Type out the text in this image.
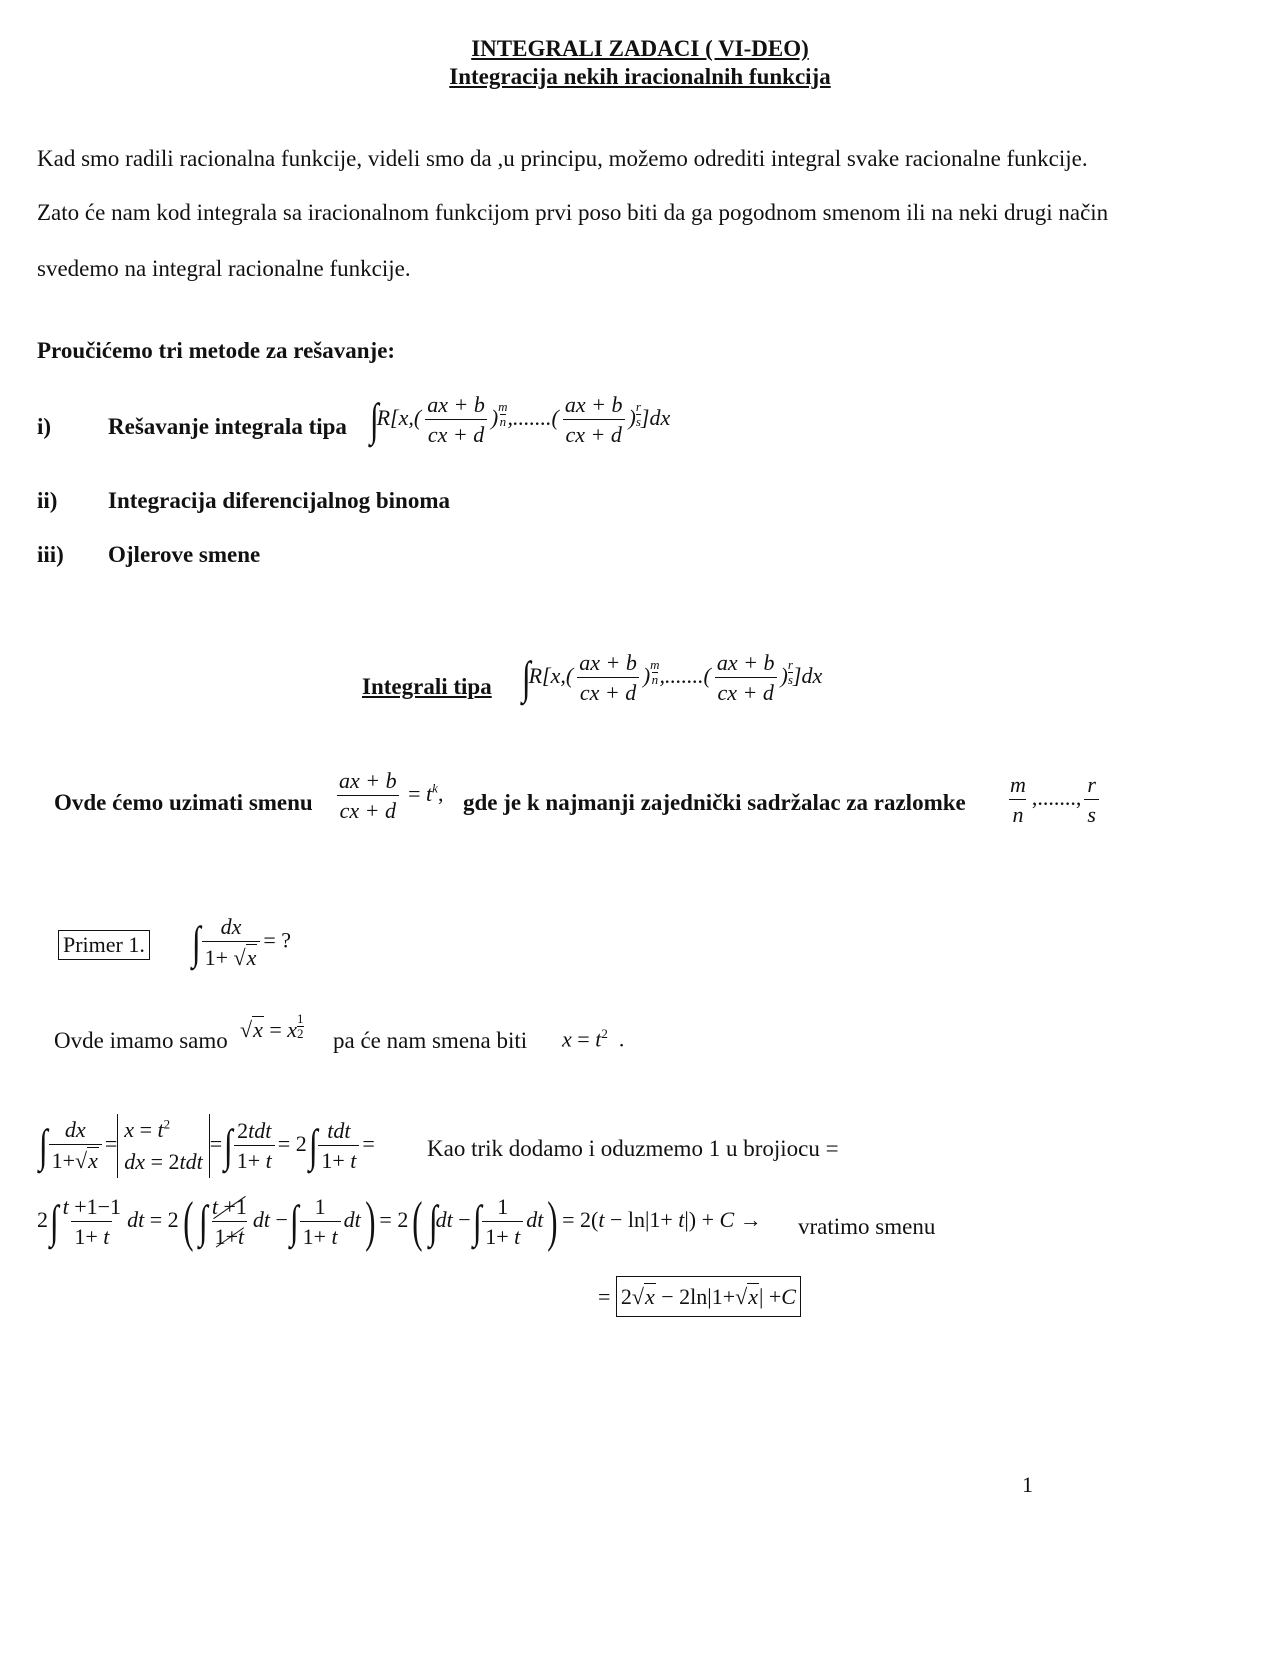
INTEGRALI ZADACI ( VI-DEO)
Integracija nekih iracionalnih funkcija
Kad smo radili racionalna funkcije, videli smo da ,u principu, možemo odrediti integral svake racionalne funkcije.
Zato će nam kod integrala sa iracionalnom funkcijom prvi poso biti da ga pogodnom smenom ili na neki drugi način
svedemo na integral racionalne funkcije.
Proučićemo tri metode za rešavanje:
i) Rešavanje integrala tipa $\int R[x,( \frac{ax + b}{cx + d}$ ) $\frac{m}{n}$ ,.......( $\frac{ax + b}{cx + d}$ ) $\frac{r}{s} ]dx$
ii) Integracija diferencijalnog binoma
iii) Ojlerove smene
Integrali tipa $\int R[x,( \frac{ax + b}{cx + d}$ ) $\frac{m}{n}$ ,.......( $\frac{ax + b}{cx + d}$ ) $\frac{r}{s} ]dx$
Ovde ćemo uzimati smenu $\frac{ax + b}{cx + d} = t^k$, gde je k najmanji zajednički sadržalac za razlomke $\frac{m}{n}$ ,......., $\frac{r}{s}$
Primer 1. ∫ $\frac{dx}{1+ √ x}$ = ?
Ovde imamo samo √ x = x $\frac{1}{2}$
pa će nam smena biti $x = t^2$  .
∫ $\frac{dx}{1+ √ x}$ =
$x = t^2$
dx = 2tdt
=∫ $\frac{\text{2tdt}}{1+ t} = 2\int \frac{\text{tdt}}{1+ t}$ = Kao trik dodamo i oduzmemo 1 u brojiocu =
$2\int \frac{t +1-1}{1+ t}$ dt = 2( ∫ $\frac{t +1}{1+t}$ dt −∫ $\frac{1}{1+ t} dt) = 2$( ∫dt −∫ $\frac{1}{1+ t} dt) = 2(t - \ln|1+ t|) + C$ → vratimo smenu
= 2 √ x − 2ln|1+ √ x | +C
1
